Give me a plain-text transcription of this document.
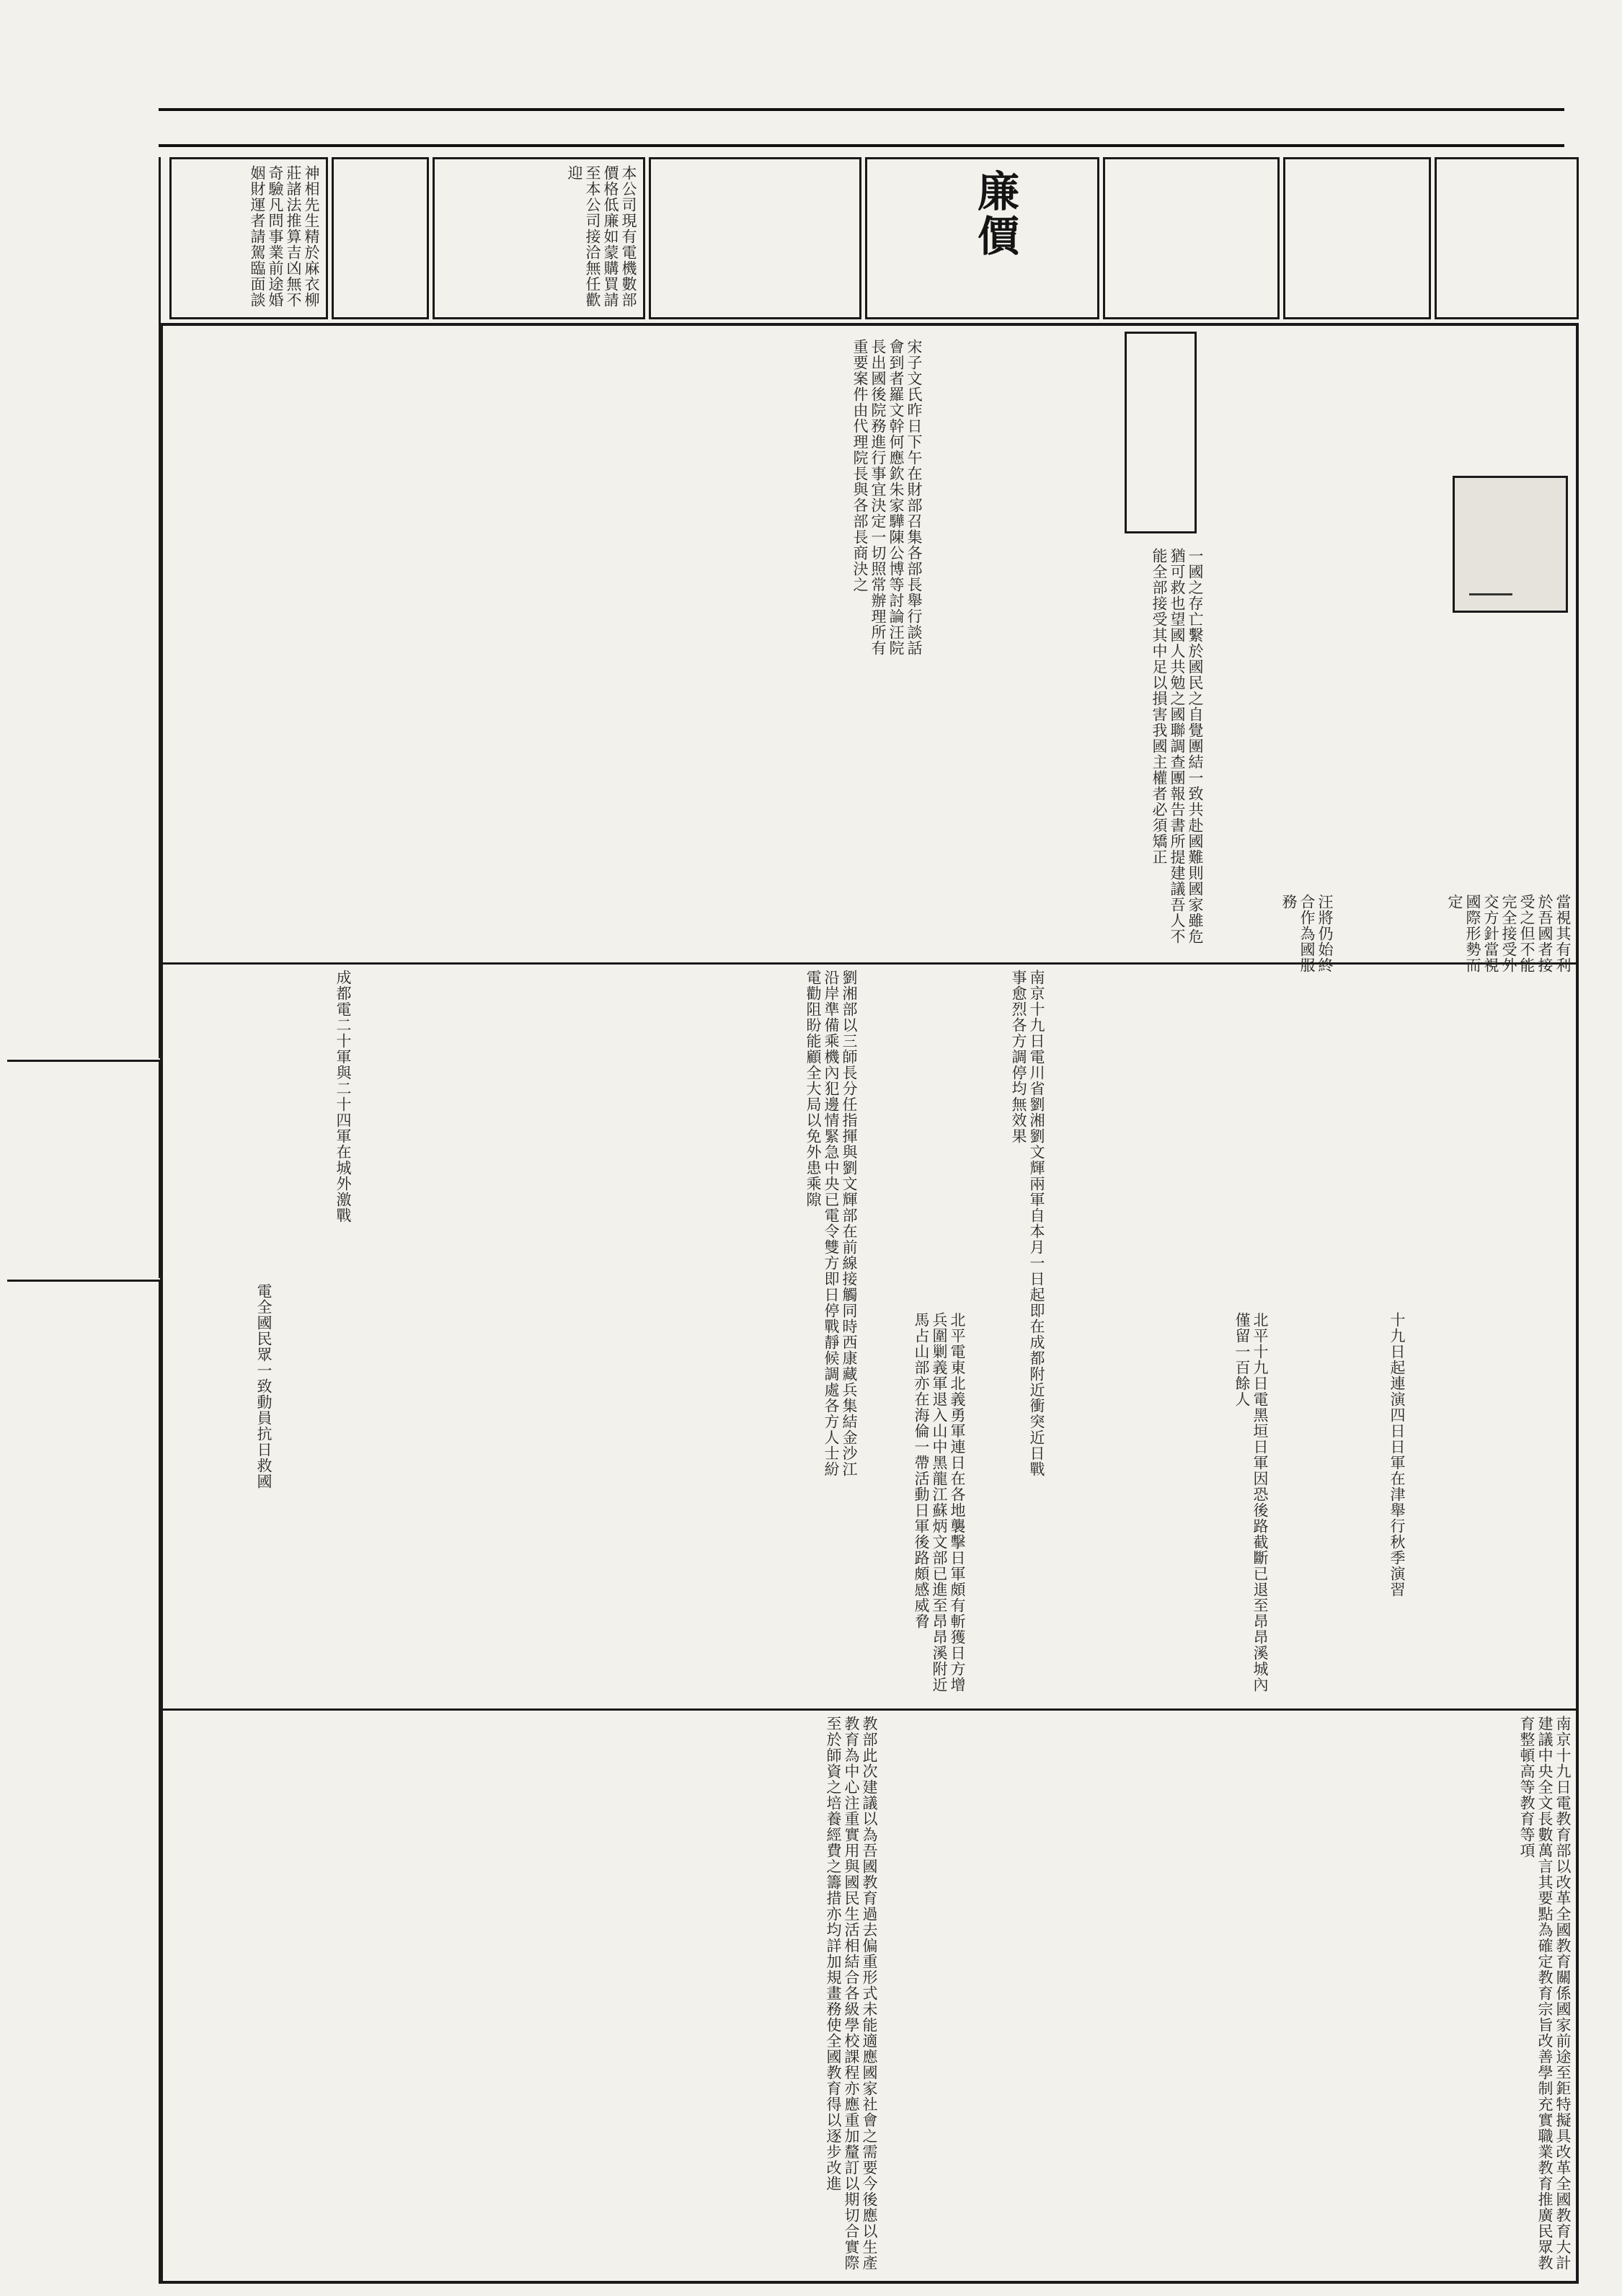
廉價
本公司現有電機數部價格低廉如蒙購買請至本公司接洽無任歡迎
神相先生精於麻衣柳莊諸法推算吉凶無不奇驗凡問事業前途婚姻財運者請駕臨面談
一國之存亡繫於國民之自覺團結一致共赴國難則國家雖危猶可救也望國人共勉之國聯調查團報告書所提建議吾人不能全部接受其中足以損害我國主權者必須矯正
宋子文氏昨日下午在財部召集各部長舉行談話會到者羅文幹何應欽朱家驊陳公博等討論汪院長出國後院務進行事宜決定一切照常辦理所有重要案件由代理院長與各部長商決之
當視其有利於吾國者接受之但不能完全接受外交方針當視國際形勢而定
汪將仍始終合作為國服務
南京十九日電川省劉湘劉文輝兩軍自本月一日起即在成都附近衝突近日戰事愈烈各方調停均無效果
劉湘部以三師長分任指揮與劉文輝部在前線接觸同時西康藏兵集結金沙江沿岸準備乘機內犯邊情緊急中央已電令雙方即日停戰靜候調處各方人士紛電勸阻盼能顧全大局以免外患乘隙
成都電二十軍與二十四軍在城外激戰
十九日起連演四日日軍在津舉行秋季演習
北平十九日電黑垣日軍因恐後路截斷已退至昂昂溪城內僅留一百餘人
電全國民眾一致動員抗日救國	北平電東北義勇軍連日在各地襲擊日軍頗有斬獲日方增兵圍剿義軍退入山中黑龍江蘇炳文部已進至昂昂溪附近馬占山部亦在海倫一帶活動日軍後路頗感威脅
南京十九日電教育部以改革全國教育關係國家前途至鉅特擬具改革全國教育大計建議中央全文長數萬言其要點為確定教育宗旨改善學制充實職業教育推廣民眾教育整頓高等教育等項
教部此次建議以為吾國教育過去偏重形式未能適應國家社會之需要今後應以生產教育為中心注重實用與國民生活相結合各級學校課程亦應重加釐訂以期切合實際至於師資之培養經費之籌措亦均詳加規畫務使全國教育得以逐步改進
